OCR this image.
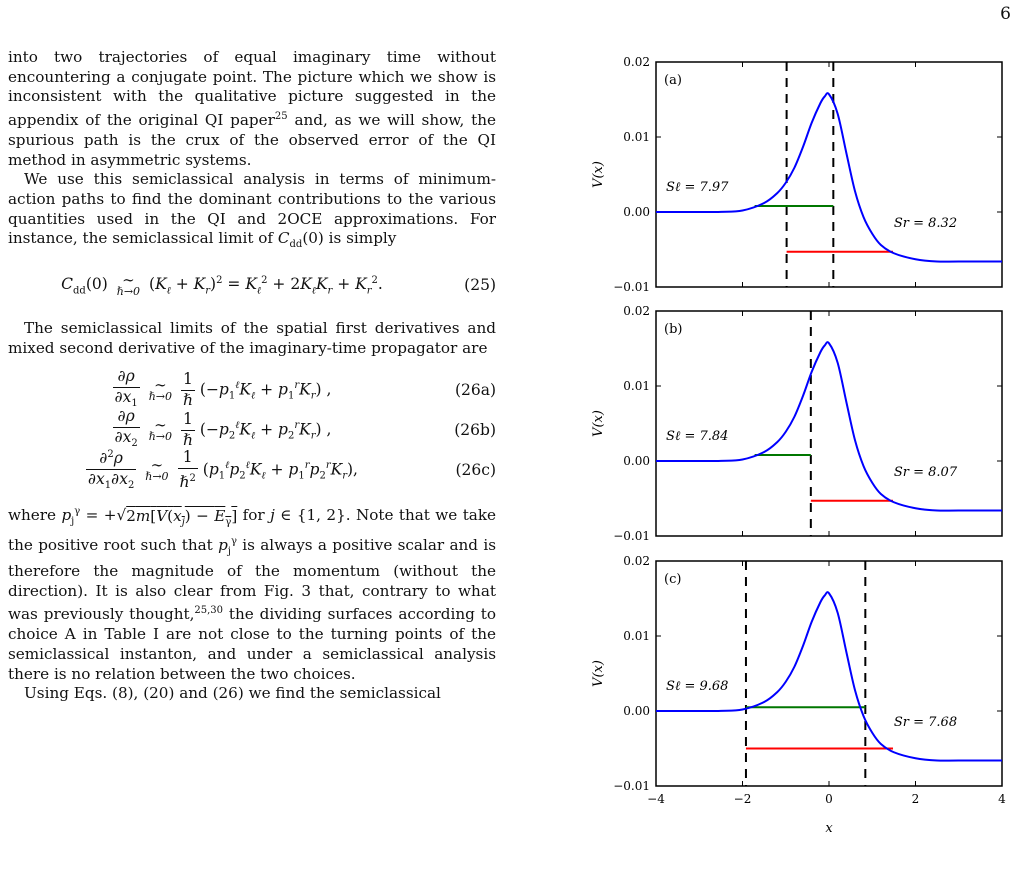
6

into two trajectories of equal imaginary time without encountering a conjugate point. The picture which we show is inconsistent with the qualitative picture suggested in the appendix of the original QI paper$^{25}$ and, as we will show, the spurious path is the crux of the observed error of the QI method in asymmetric systems.

We use this semiclassical analysis in terms of minimum-action paths to find the dominant contributions to the various quantities used in the QI and 2OCE approximations. For instance, the semiclassical limit of $C_{dd}(0)$ is simply

$C_{dd}(0)$ ∼
ℏ→0 $(K_\ell + K_r)^2 = K_\ell^2 + 2K_\ell K_r + K_r^2$.	(25)

The semiclassical limits of the spatial first derivatives and mixed second derivative of the imaginary-time propagator are

$\frac{\partial\rho}{\partial x_1}$
∼
ℏ→0 $\frac{1}{\text{ℏ}} (-p_1^\ell K_\ell + p_1^rK_r)$ ,	(26a)
$\frac{\partial\rho}{\partial x_2}$
∼
ℏ→0 $\frac{1}{\text{ℏ}} (-p_2^\ell K_\ell + p_2^rK_r)$ ,	(26b)
$\frac{\partial^2\rho}{\partial x_1\partial x_2}$
∼
ℏ→0 $\frac{1}{\hbar^2} (p_1^\ell p_2^\ell K_\ell + p_1^rp_2^rK_r)$,	(26c)

where $p_j^\gamma = +√2m[V(x_j) - E_\gamma]$ for j ∈ {1, 2}. Note that we take the positive root such that $p_j^\gamma$ is always a positive scalar and is therefore the magnitude of the momentum (without the direction). It is also clear from Fig. 3 that, contrary to what was previously thought,$^{25,30}$ the dividing surfaces according to choice A in Table I are not close to the turning points of the semiclassical instanton, and under a semiclassical analysis there is no relation between the two choices.

Using Eqs. (8), (20) and (26) we find the semiclassical

0.02
0.01
0.00
−0.01
V(x)
(a)
Sℓ = 7.97
Sr = 8.32
0.02
0.01
0.00
−0.01
V(x)
(b)
Sℓ = 7.84
Sr = 8.07
0.02
0.01
0.00
−0.01
V(x)
−4	−2	0	2	4
x
(c)
Sℓ = 9.68
Sr = 7.68
